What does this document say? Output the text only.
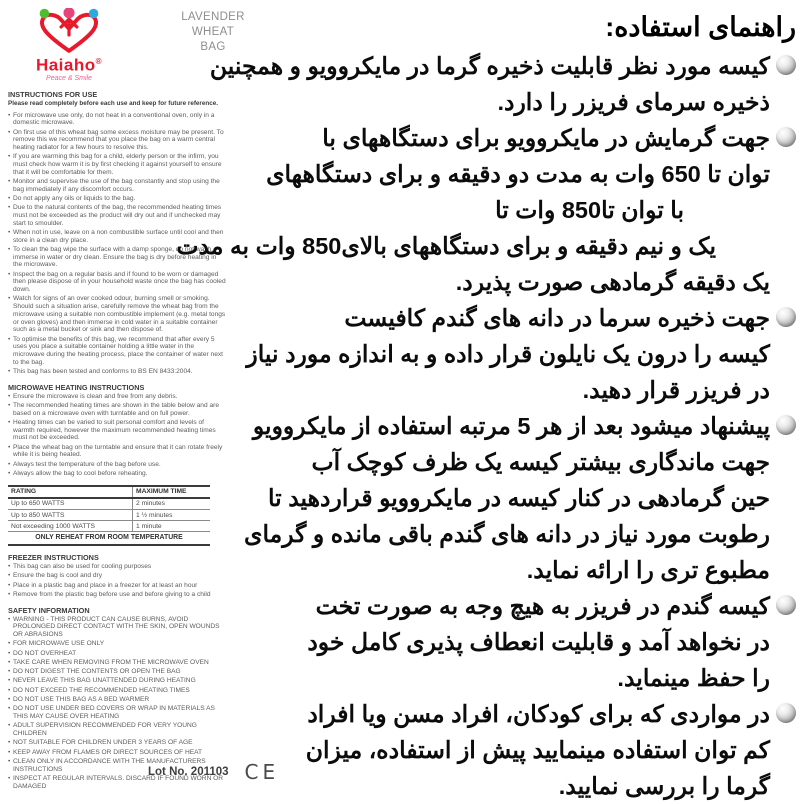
LAVENDER
WHEAT
BAG
Haiaho®
Peace & Smile
INSTRUCTIONS FOR USE
Please read completely before each use and keep for future reference.
• For microwave use only, do not heat in a conventional oven, only in a domestic microwave.
• On first use of this wheat bag some excess moisture may be present. To remove this we recommend that you place the bag on a warm central heating radiator for a few hours to resolve this.
• If you are warming this bag for a child, elderly person or the infirm, you must check how warm it is by first checking it against yourself to ensure that it will be comfortable for them.
• Monitor and supervise the use of the bag constantly and stop using the bag immediately if any discomfort occurs.
• Do not apply any oils or liquids to the bag.
• Due to the natural contents of the bag, the recommended heating times must not be exceeded as the product will dry out and if unchecked may start to smoulder.
• When not in use, leave on a non combustible surface until cool and then store in a clean dry place.
• To clean the bag wipe the surface with a damp sponge, do not wash, immerse in water or dry clean. Ensure the bag is dry before heating in the microwave.
• Inspect the bag on a regular basis and if found to be worn or damaged then please dispose of in your household waste once the bag has cooled down.
• Watch for signs of an over cooked odour, burning smell or smoking. Should such a situation arise, carefully remove the wheat bag from the microwave using a suitable non combustible implement (e.g. metal tongs or oven gloves) and then immerse in cold water in a suitable container such as a metal bucket or sink and then dispose of.
• To optimise the benefits of this bag, we recommend that after every 5 uses you place a suitable container holding a little water in the microwave during the heating process, place the container of water next to the bag.
• This bag has been tested and conforms to BS EN 8433:2004.
MICROWAVE HEATING INSTRUCTIONS
• Ensure the microwave is clean and free from any debris.
• The recommended heating times are shown in the table below and are based on a microwave oven with turntable and on full power.
• Heating times can be varied to suit personal comfort and levels of warmth required, however the maximum recommended heating times must not be exceeded.
• Place the wheat bag on the turntable and ensure that it can rotate freely while it is being heated.
• Always test the temperature of the bag before use.
• Always allow the bag to cool before reheating.
RATING	MAXIMUM TIME
Up to 650 WATTS	2 minutes
Up to 850 WATTS	1 ½ minutes
Not exceeding 1000 WATTS	1 minute
ONLY REHEAT FROM ROOM TEMPERATURE
FREEZER INSTRUCTIONS
• This bag can also be used for cooling purposes
• Ensure the bag is cool and dry
• Place in a plastic bag and place in a freezer for at least an hour
• Remove from the plastic bag before use and before giving to a child
SAFETY INFORMATION
• WARNING - THIS PRODUCT CAN CAUSE BURNS, AVOID PROLONGED DIRECT CONTACT WITH THE SKIN, OPEN WOUNDS OR ABRASIONS
• FOR MICROWAVE USE ONLY
• DO NOT OVERHEAT
• TAKE CARE WHEN REMOVING FROM THE MICROWAVE OVEN
• DO NOT DIGEST THE CONTENTS OR OPEN THE BAG
• NEVER LEAVE THIS BAG UNATTENDED DURING HEATING
• DO NOT EXCEED THE RECOMMENDED HEATING TIMES
• DO NOT USE THIS BAG AS A BED WARMER
• DO NOT USE UNDER BED COVERS OR WRAP IN MATERIALS AS THIS MAY CAUSE OVER HEATING
• ADULT SUPERVISION RECOMMENDED FOR VERY YOUNG CHILDREN
• NOT SUITABLE FOR CHILDREN UNDER 3 YEARS OF AGE
• KEEP AWAY FROM FLAMES OR DIRECT SOURCES OF HEAT
• CLEAN ONLY IN ACCORDANCE WITH THE MANUFACTURERS INSTRUCTIONS
• INSPECT AT REGULAR INTERVALS. DISCARD IF FOUND WORN OR DAMAGED
Lot No. 201103 CE
راهنمای استفاده:
کیسه مورد نظر قابلیت ذخیره گرما در مایکروویو و همچنین
ذخیره سرمای فریزر را دارد.
جهت گرمایش در مایکروویو برای دستگاههای با
توان تا 650 وات به مدت دو دقیقه و برای دستگاههای
با توان تا850 وات تا
یک و نیم دقیقه و برای دستگاههای بالای850 وات به مدت
یک دقیقه گرمادهی صورت پذیرد.
جهت ذخیره سرما در دانه های گندم کافیست
کیسه را درون یک نایلون قرار داده و به اندازه مورد نیاز
در فریزر قرار دهید.
پیشنهاد میشود بعد از هر 5 مرتبه استفاده از مایکروویو
جهت ماندگاری بیشتر کیسه یک ظرف کوچک آب
حین گرمادهی در کنار کیسه در مایکروویو قراردهید تا
رطوبت مورد نیاز در دانه های گندم باقی مانده و گرمای
مطبوع تری را ارائه نماید.
کیسه گندم در فریزر به هیچ وجه به صورت تخت
در نخواهد آمد و قابلیت انعطاف پذیری کامل خود
را حفظ مینماید.
در مواردی که برای کودکان، افراد مسن ویا افراد
کم توان استفاده مینمایید پیش از استفاده، میزان
گرما را بررسی نمایید.
